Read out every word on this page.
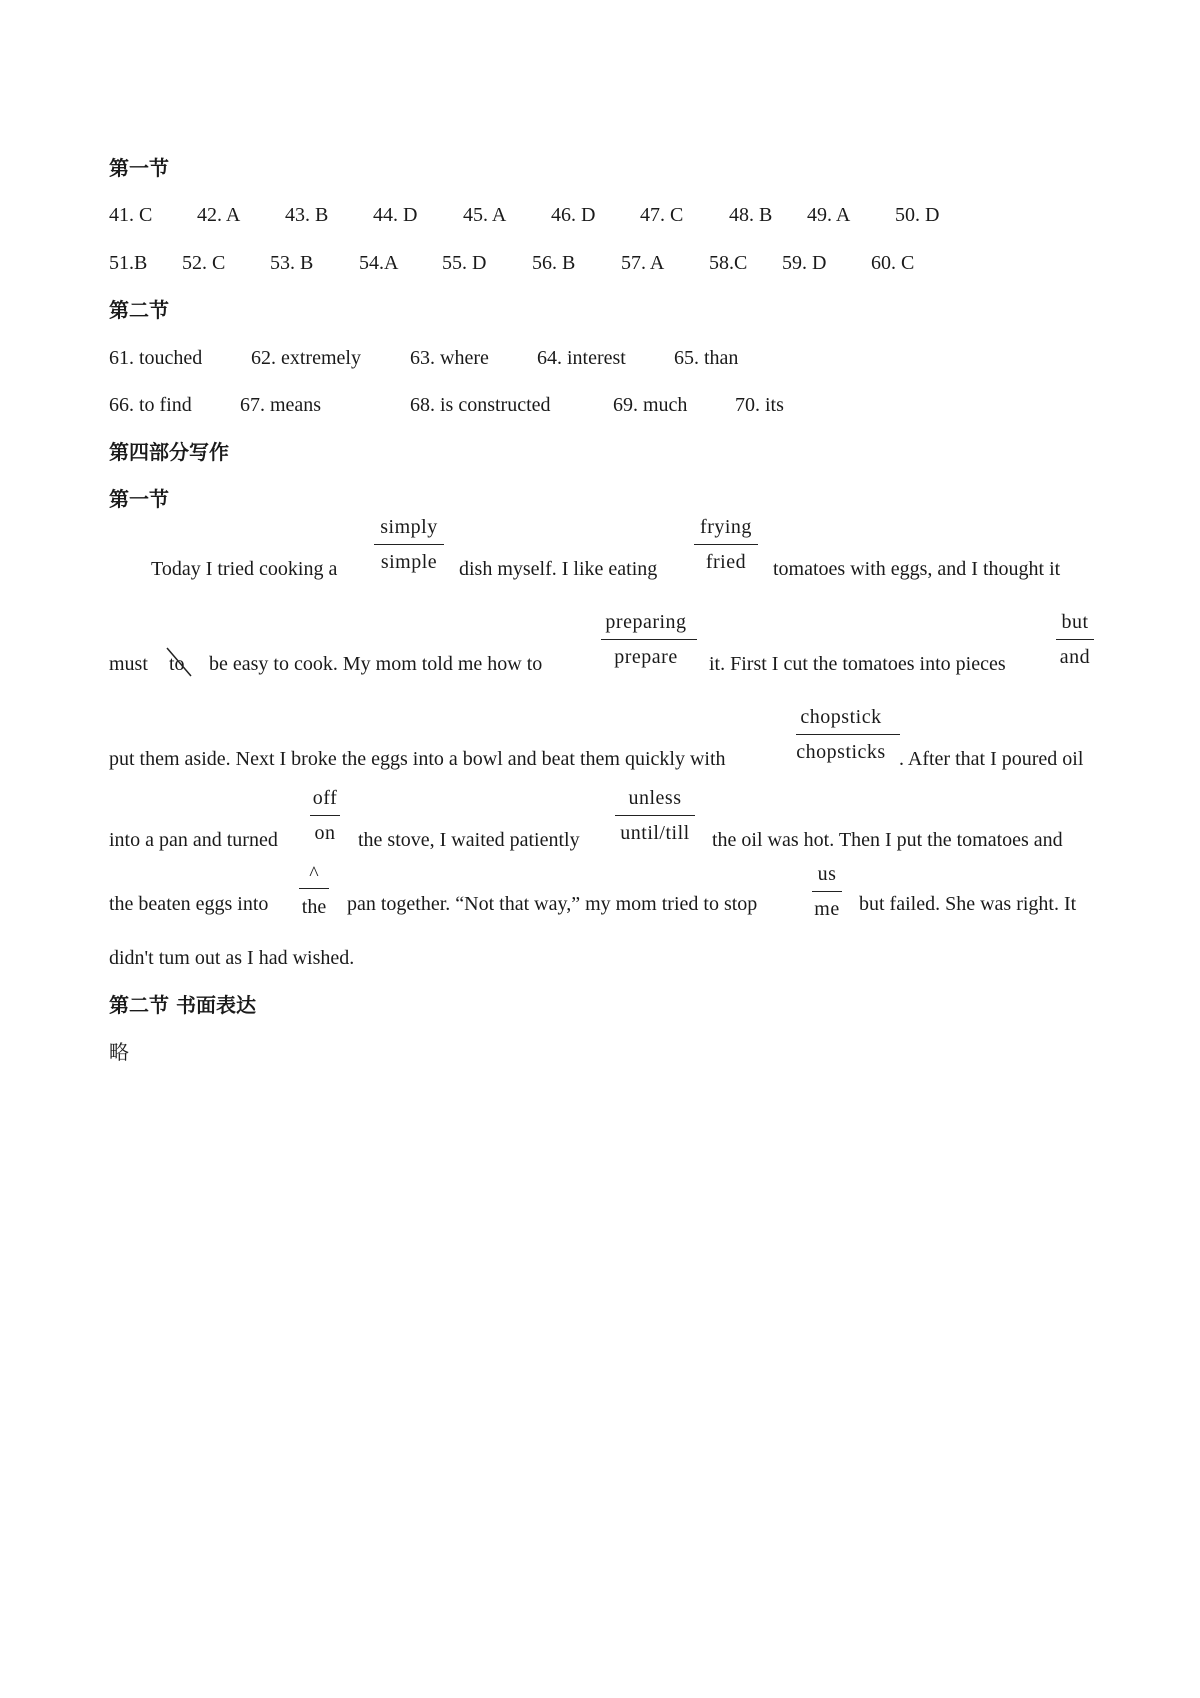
第一节
41. C 42. A 43. B 44. D 45. A 46. D 47. C 48. B 49. A 50. D
51.B 52. C 53. B 54.A 55. D 56. B 57. A 58.C 59. D 60. C
第二节
61. touched 62. extremely 63. where 64. interest 65. than
66. to find 67. means	68. is constructed	69. much 70. its
第四部分写作
第一节
Today I tried cooking a
simply
simple	dish myself. I like eating
frying
fried	tomatoes with eggs, and I thought it
must to be easy to cook. My mom told me how to
preparing
prepare	it. First I cut the tomatoes into pieces
but
and
put them aside. Next I broke the eggs into a bowl and beat them quickly with
chopstick
chopsticks . After that I poured oil
into a pan and turned
off
on	the stove, I waited patiently
unless
until/till	the oil was hot. Then I put the tomatoes and
the beaten eggs into
^
the	pan together. “Not that way,” my mom tried to stop
us
me but failed. She was right. It
didn't tum out as I had wished.
第二节 书面表达
略
